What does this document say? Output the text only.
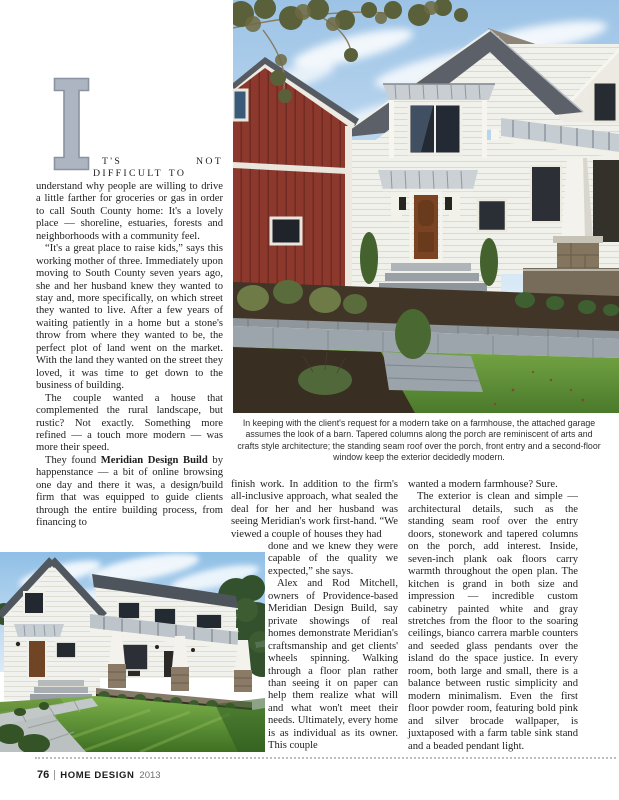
In keeping with the client's request for a modern take on a farmhouse, the attached garage assumes the look of a barn. Tapered columns along the porch are reminiscent of arts and crafts style architecture; the standing seam roof over the porch, front entry and a second-floor window keep the exterior decidedly modern.

T'S NOT DIFFICULT TO

understand why people are willing to drive a little farther for groceries or gas in order to call South County home: It's a lovely place — shoreline, estuaries, forests and neighborhoods with a community feel.

“It's a great place to raise kids,” says this working mother of three. Immediately upon moving to South County seven years ago, she and her husband knew they wanted to stay and, more specifically, on which street they wanted to live. After a few years of waiting patiently in a home but a stone's throw from where they wanted to be, the perfect plot of land went on the market. With the land they wanted on the street they loved, it was time to get down to the business of building.

The couple wanted a house that complemented the rural landscape, but rustic? Not exactly. Something more refined — a touch more modern — was more their speed.

They found Meridian Design Build by happenstance — a bit of online browsing one day and there it was, a design/build firm that was equipped to guide clients through the entire building process, from financing to

finish work. In addition to the firm's all-inclusive approach, what sealed the deal for her and her husband was seeing Meridian's work first-hand. “We viewed a couple of houses they had

done and we knew they were capable of the quality we expected,” she says.

Alex and Rod Mitchell, owners of Providence-based Meridian Design Build, say private showings of real homes demonstrate Meridian's craftsmanship and get clients' wheels spinning. Walking through a floor plan rather than seeing it on paper can help them realize what will and what won't meet their needs. Ultimately, every home is as individual as its owner. This couple

wanted a modern farmhouse? Sure.

The exterior is clean and simple — architectural details, such as the standing seam roof over the entry doors, stonework and tapered columns on the porch, add interest. Inside, seven-inch plank oak floors carry warmth throughout the open plan. The kitchen is grand in both size and impression — incredible custom cabinetry painted white and gray stretches from the floor to the soaring ceilings, bianco carrera marble counters and seeded glass pendants over the island do the space justice. In every room, both large and small, there is a balance between rustic simplicity and modern minimalism. Even the first floor powder room, featuring bold pink and silver brocade wallpaper, is juxtaposed with a farm table sink stand and a beaded pendant light.

76 HOME DESIGN 2013
